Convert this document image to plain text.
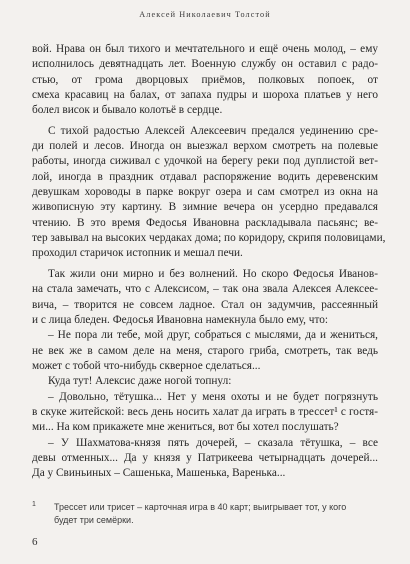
Алексей Николаевич Толстой
вой. Нрава он был тихого и мечтательного и ещё очень молод, – ему
исполнилось девятнадцать лет. Военную службу он оставил с радо-
стью, от грома дворцовых приёмов, полковых попоек, от
смеха красавиц на балах, от запаха пудры и шороха платьев у него
болел висок и бывало колотьё в сердце.
С тихой радостью Алексей Алексеевич предался уединению сре-
ди полей и лесов. Иногда он выезжал верхом смотреть на полевые
работы, иногда сиживал с удочкой на берегу реки под дуплистой вет-
лой, иногда в праздник отдавал распоряжение водить деревенским
девушкам хороводы в парке вокруг озера и сам смотрел из окна на
живописную эту картину. В зимние вечера он усердно предавался
чтению. В это время Федосья Ивановна раскладывала пасьянс; ве-
тер завывал на высоких чердаках дома; по коридору, скрипя половицами,
проходил старичок истопник и мешал печи.
Так жили они мирно и без волнений. Но скоро Федосья Иванов-
на стала замечать, что с Алексисом, – так она звала Алексея Алексее-
вича, – творится не совсем ладное. Стал он задумчив, рассеянный
и с лица бледен. Федосья Ивановна намекнула было ему, что:
– Не пора ли тебе, мой друг, собраться с мыслями, да и жениться,
не век же в самом деле на меня, старого гриба, смотреть, так ведь
может с тобой что-нибудь скверное сделаться...
Куда тут! Алексис даже ногой топнул:
– Довольно, тётушка... Нет у меня охоты и не будет погрязнуть
в скуке житейской: весь день носить халат да играть в трессет¹ с гостя-
ми... На ком прикажете мне жениться, вот бы хотел послушать?
– У Шахматова-князя пять дочерей, – сказала тётушка, – все
девы отменных... Да у князя у Патрикеева четырнадцать дочерей...
Да у Свиньиных – Сашенька, Машенька, Варенька...
1 Трессет или трисет – карточная игра в 40 карт; выигрывает тот, у кого
будет три семёрки.
6
